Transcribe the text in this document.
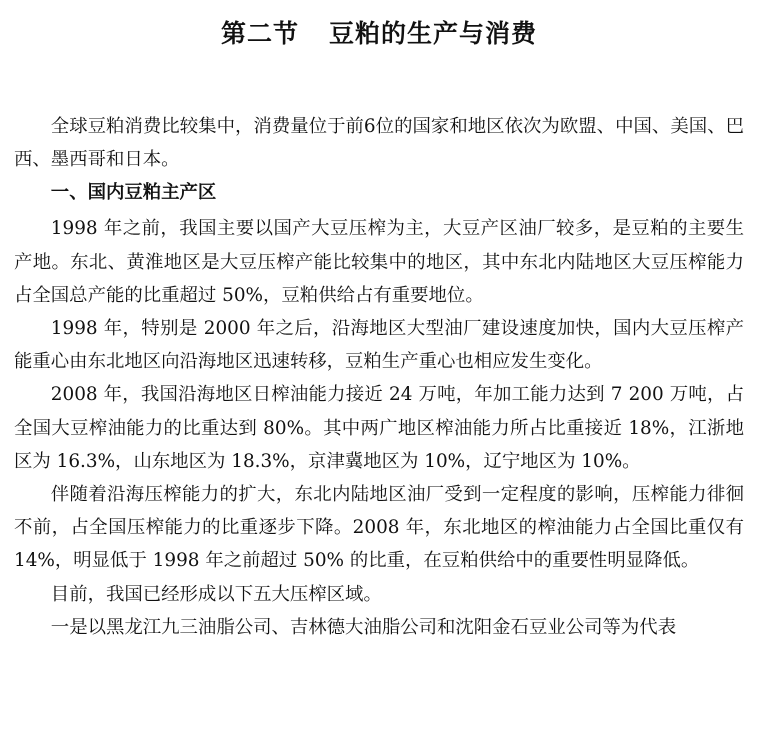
第二节 豆粕的生产与消费

全球豆粕消费比较集中，消费量位于前6位的国家和地区依次为欧盟、中国、美国、巴西、墨西哥和日本。

一、国内豆粕主产区

1998 年之前，我国主要以国产大豆压榨为主，大豆产区油厂较多，是豆粕的主要生产地。东北、黄淮地区是大豆压榨产能比较集中的地区，其中东北内陆地区大豆压榨能力占全国总产能的比重超过 50%，豆粕供给占有重要地位。

1998 年，特别是 2000 年之后，沿海地区大型油厂建设速度加快，国内大豆压榨产能重心由东北地区向沿海地区迅速转移，豆粕生产重心也相应发生变化。

2008 年，我国沿海地区日榨油能力接近 24 万吨，年加工能力达到 7 200 万吨，占全国大豆榨油能力的比重达到 80%。其中两广地区榨油能力所占比重接近 18%，江浙地区为 16.3%，山东地区为 18.3%，京津冀地区为 10%，辽宁地区为 10%。

伴随着沿海压榨能力的扩大，东北内陆地区油厂受到一定程度的影响，压榨能力徘徊不前，占全国压榨能力的比重逐步下降。2008 年，东北地区的榨油能力占全国比重仅有 14%，明显低于 1998 年之前超过 50% 的比重，在豆粕供给中的重要性明显降低。

目前，我国已经形成以下五大压榨区域。

一是以黑龙江九三油脂公司、吉林德大油脂公司和沈阳金石豆业公司等为代表
